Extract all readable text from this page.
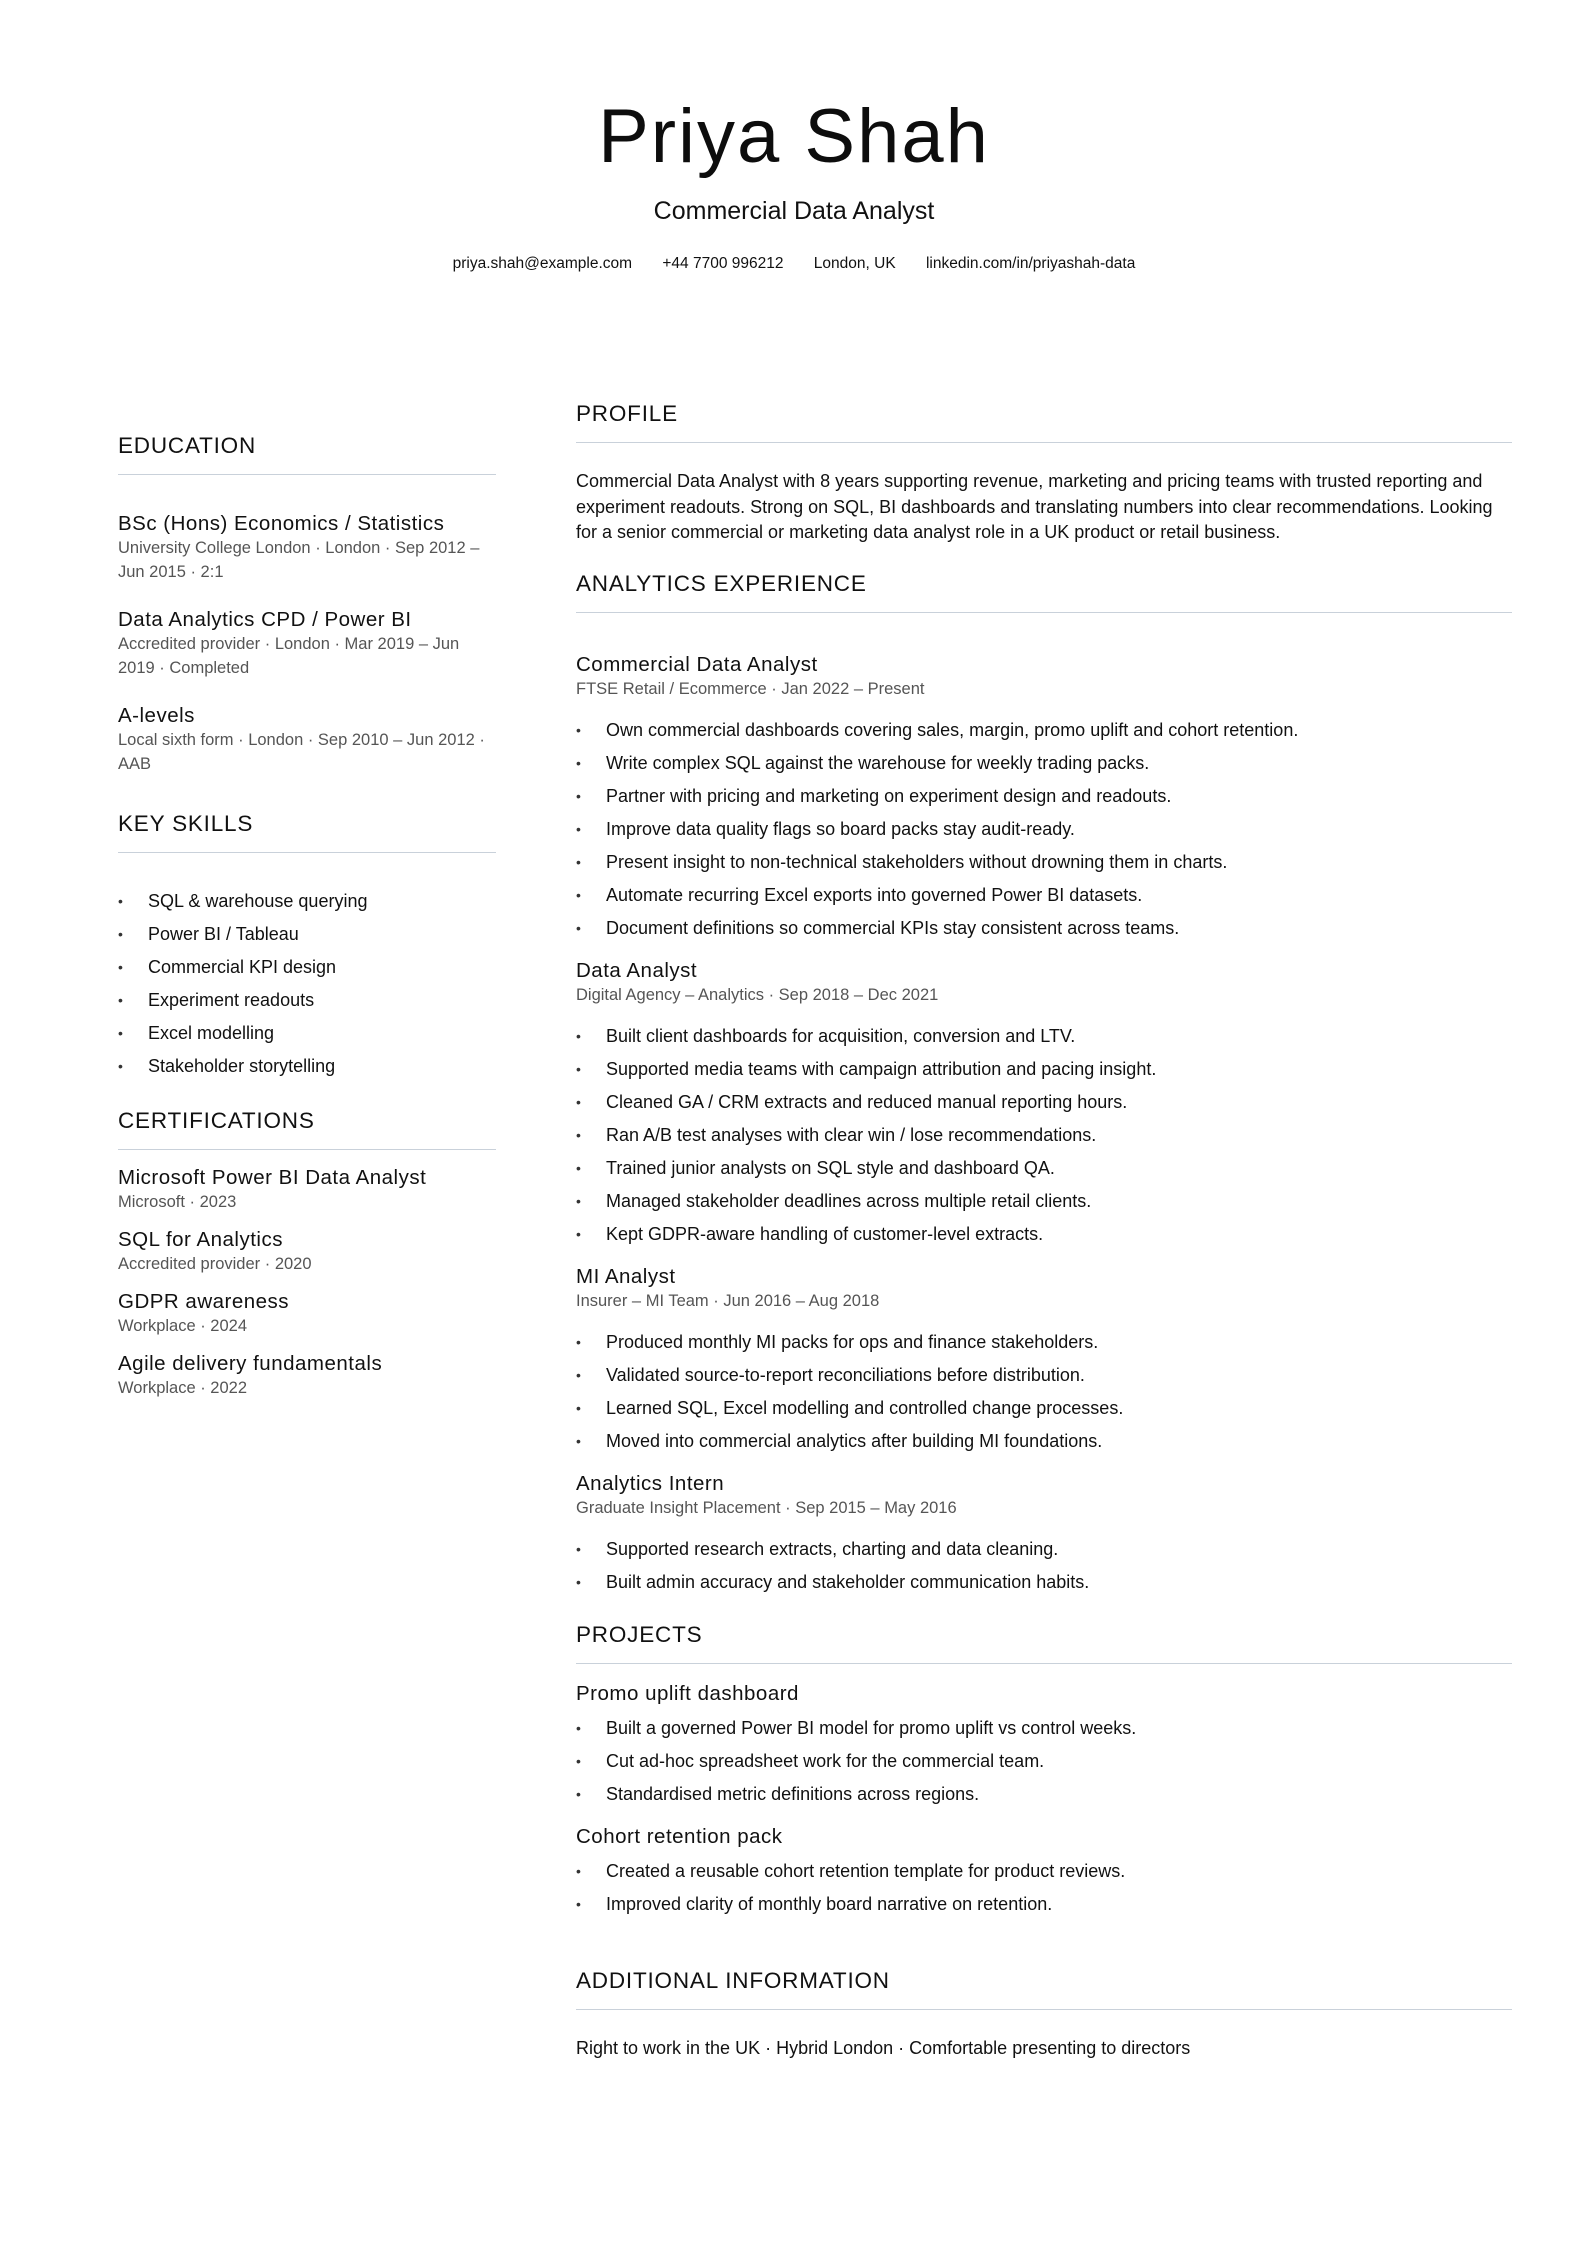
Priya Shah
Commercial Data Analyst
priya.shah@example.com +44 7700 996212 London, UK linkedin.com/in/priyashah-data
EDUCATION
BSc (Hons) Economics / Statistics
University College London · London · Sep 2012 – Jun 2015 · 2:1
Data Analytics CPD / Power BI
Accredited provider · London · Mar 2019 – Jun 2019 · Completed
A-levels
Local sixth form · London · Sep 2010 – Jun 2012 · AAB
KEY SKILLS
• SQL & warehouse querying
• Power BI / Tableau
• Commercial KPI design
• Experiment readouts
• Excel modelling
• Stakeholder storytelling
CERTIFICATIONS
Microsoft Power BI Data Analyst
Microsoft · 2023
SQL for Analytics
Accredited provider · 2020
GDPR awareness
Workplace · 2024
Agile delivery fundamentals
Workplace · 2022
PROFILE
Commercial Data Analyst with 8 years supporting revenue, marketing and pricing teams with trusted reporting and experiment readouts. Strong on SQL, BI dashboards and translating numbers into clear recommendations. Looking for a senior commercial or marketing data analyst role in a UK product or retail business.
ANALYTICS EXPERIENCE
Commercial Data Analyst
FTSE Retail / Ecommerce · Jan 2022 – Present
• Own commercial dashboards covering sales, margin, promo uplift and cohort retention.
• Write complex SQL against the warehouse for weekly trading packs.
• Partner with pricing and marketing on experiment design and readouts.
• Improve data quality flags so board packs stay audit-ready.
• Present insight to non-technical stakeholders without drowning them in charts.
• Automate recurring Excel exports into governed Power BI datasets.
• Document definitions so commercial KPIs stay consistent across teams.
Data Analyst
Digital Agency – Analytics · Sep 2018 – Dec 2021
• Built client dashboards for acquisition, conversion and LTV.
• Supported media teams with campaign attribution and pacing insight.
• Cleaned GA / CRM extracts and reduced manual reporting hours.
• Ran A/B test analyses with clear win / lose recommendations.
• Trained junior analysts on SQL style and dashboard QA.
• Managed stakeholder deadlines across multiple retail clients.
• Kept GDPR-aware handling of customer-level extracts.
MI Analyst
Insurer – MI Team · Jun 2016 – Aug 2018
• Produced monthly MI packs for ops and finance stakeholders.
• Validated source-to-report reconciliations before distribution.
• Learned SQL, Excel modelling and controlled change processes.
• Moved into commercial analytics after building MI foundations.
Analytics Intern
Graduate Insight Placement · Sep 2015 – May 2016
• Supported research extracts, charting and data cleaning.
• Built admin accuracy and stakeholder communication habits.
PROJECTS
Promo uplift dashboard
• Built a governed Power BI model for promo uplift vs control weeks.
• Cut ad-hoc spreadsheet work for the commercial team.
• Standardised metric definitions across regions.
Cohort retention pack
• Created a reusable cohort retention template for product reviews.
• Improved clarity of monthly board narrative on retention.
ADDITIONAL INFORMATION
Right to work in the UK · Hybrid London · Comfortable presenting to directors
